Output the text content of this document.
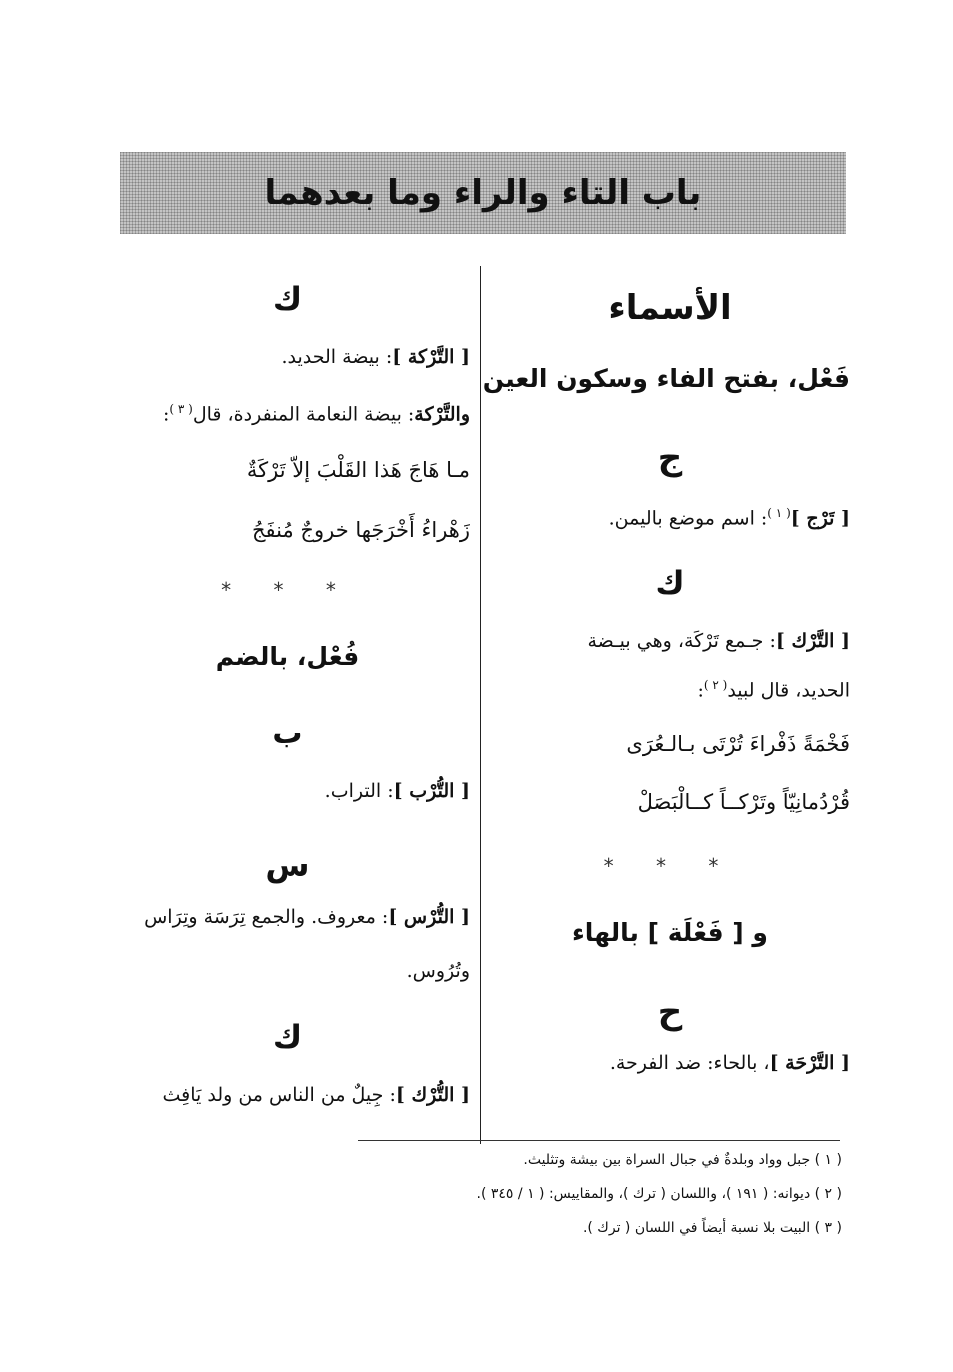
باب التاء والراء وما بعدهما
الأسماء
فَعْل، بفتح الفاء وسكون العين
ج
[ تَرْج ]$^{( ١ )}$: اسم موضع باليمن.
ك
[ التَّرْك ]: جـمع تَرْكَة، وهي بيـضة
الحديد، قال لبيد$^{( ٢ )}$:
فَخْمَةً ذَفْراءَ تُرْتَى بـالـعُرَى
قُرْدُمانِيّاً وتَرْكــاً كــالْبَصَلْ
* * *
و [ فَعْلَة ] بالهاء
ح
[ التَّرْحَة ]، بالحاء: ضد الفرحة.
ك
[ التَّرْكة ]: بيضة الحديد.
والتَّرْكة: بيضة النعامة المنفردة، قال$^{( ٣ )}$:
مـا هَاجَ هَذا القَلْبَ إلاّ تَرْكَةٌ
زَهْراءُ أَخْرَجَها خروجٌ مُنفَجُ
* * *
فُعْل، بالضم
ب
[ التُّرْب ]: التراب.
س
[ التُّرْس ]: معروف. والجمع تِرَسَة وتِرَاس
وتُرُوس.
ك
[ التُّرْك ]: جِيلٌ من الناس من ولد يَافِث
( ١ ) جبل وواد وبلدةٌ في جبال السراة بين بيشة وتثليث.
( ٢ ) ديوانه: ( ١٩١ )، واللسان ( ترك )، والمقاييس: ( ١ / ٣٤٥ ).
( ٣ ) البيت بلا نسبة أيضاً في اللسان ( ترك ).
